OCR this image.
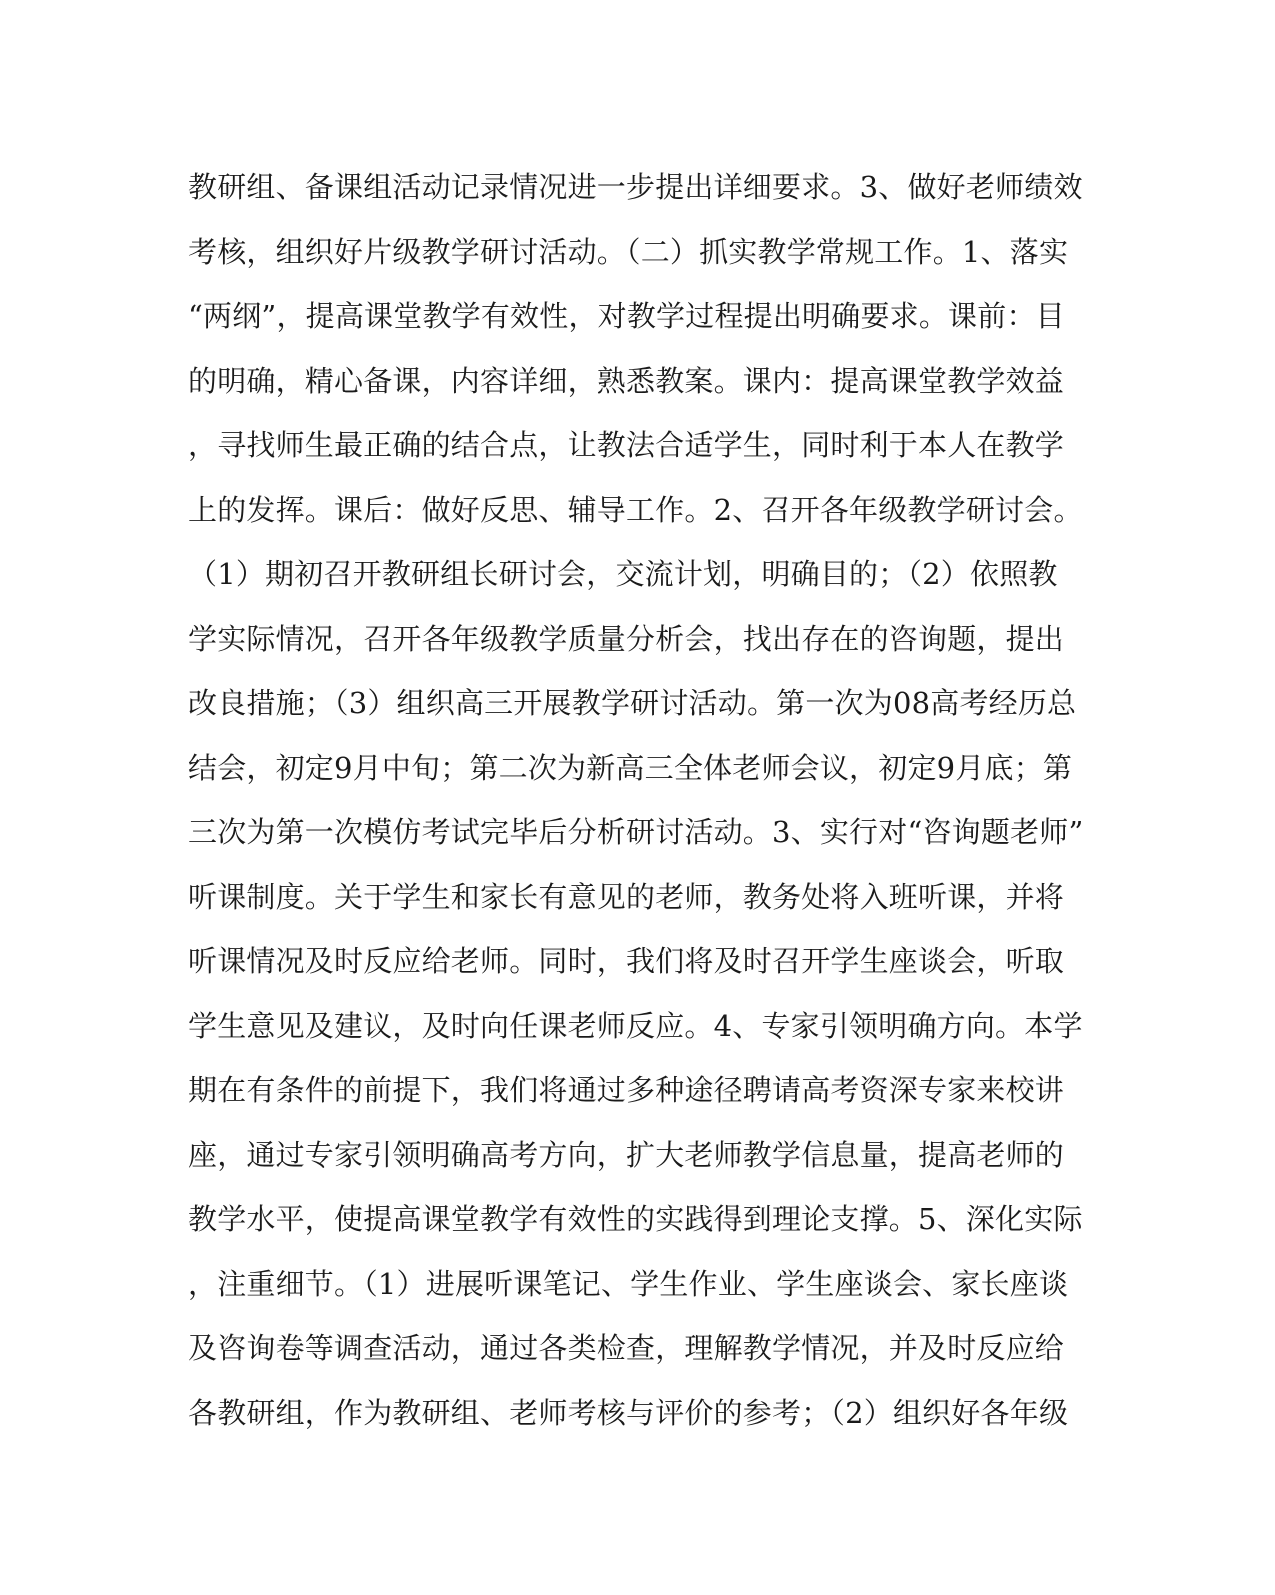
教研组、备课组活动记录情况进一步提出详细要求。3、做好老师绩效
考核，组织好片级教学研讨活动。（二）抓实教学常规工作。1、落实
“两纲”，提高课堂教学有效性，对教学过程提出明确要求。课前：目
的明确，精心备课，内容详细，熟悉教案。课内：提高课堂教学效益
，寻找师生最正确的结合点，让教法合适学生，同时利于本人在教学
上的发挥。课后：做好反思、辅导工作。2、召开各年级教学研讨会。
（1）期初召开教研组长研讨会，交流计划，明确目的；（2）依照教
学实际情况，召开各年级教学质量分析会，找出存在的咨询题，提出
改良措施；（3）组织高三开展教学研讨活动。第一次为08高考经历总
结会，初定9月中旬；第二次为新高三全体老师会议，初定9月底；第
三次为第一次模仿考试完毕后分析研讨活动。3、实行对“咨询题老师”
听课制度。关于学生和家长有意见的老师，教务处将入班听课，并将
听课情况及时反应给老师。同时，我们将及时召开学生座谈会，听取
学生意见及建议，及时向任课老师反应。4、专家引领明确方向。本学
期在有条件的前提下，我们将通过多种途径聘请高考资深专家来校讲
座，通过专家引领明确高考方向，扩大老师教学信息量，提高老师的
教学水平，使提高课堂教学有效性的实践得到理论支撑。5、深化实际
，注重细节。（1）进展听课笔记、学生作业、学生座谈会、家长座谈
及咨询卷等调查活动，通过各类检查，理解教学情况，并及时反应给
各教研组，作为教研组、老师考核与评价的参考；（2）组织好各年级
